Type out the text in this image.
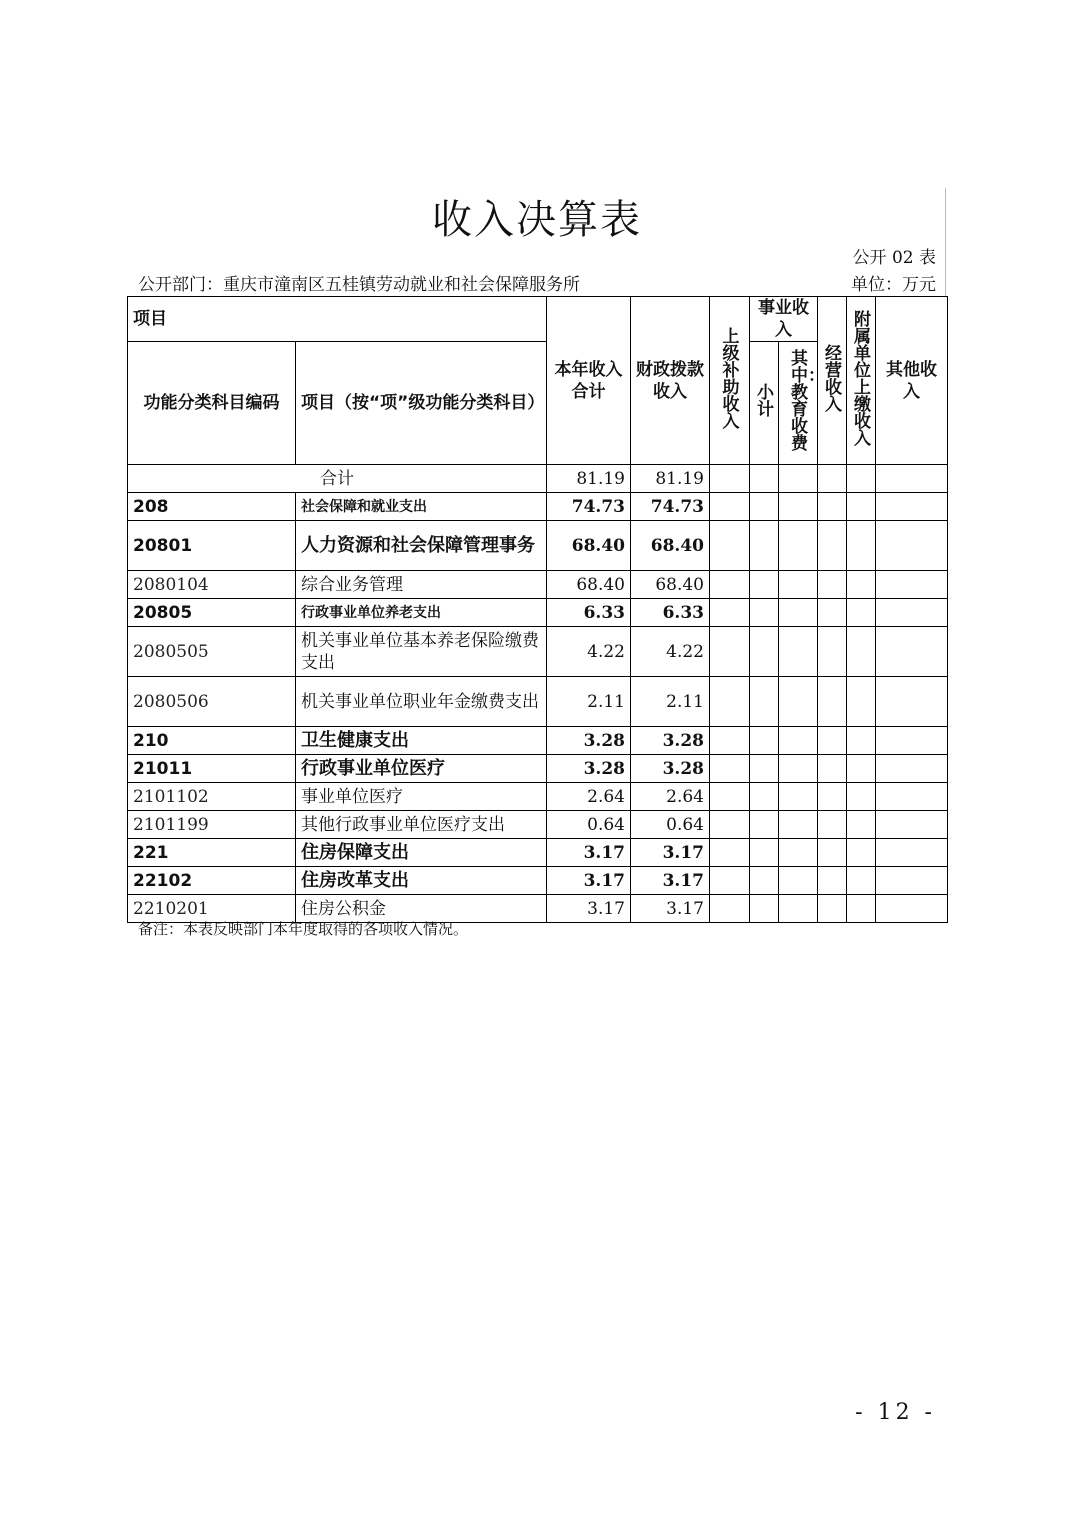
收入决算表
公开 02 表
公开部门：重庆市潼南区五桂镇劳动就业和社会保障服务所	单位：万元
项目		本年收入合计	财政拨款收入	上级补助收入	事业收入		经营收入	附属单位上缴收入	其他收入
功能分类科目编码	项目（按“项”级功能分类科目）				小计	其中：教育收费			
合计		81.19	81.19						
208	社会保障和就业支出	74.73	74.73						
20801	人力资源和社会保障管理事务	68.40	68.40						
2080104	综合业务管理	68.40	68.40						
20805	行政事业单位养老支出	6.33	6.33						
2080505	机关事业单位基本养老保险缴费支出	4.22	4.22						
2080506	机关事业单位职业年金缴费支出	2.11	2.11						
210	卫生健康支出	3.28	3.28						
21011	行政事业单位医疗	3.28	3.28						
2101102	事业单位医疗	2.64	2.64						
2101199	其他行政事业单位医疗支出	0.64	0.64						
221	住房保障支出	3.17	3.17						
22102	住房改革支出	3.17	3.17						
2210201	住房公积金	3.17	3.17						
备注：本表反映部门本年度取得的各项收入情况。
- 12 -
